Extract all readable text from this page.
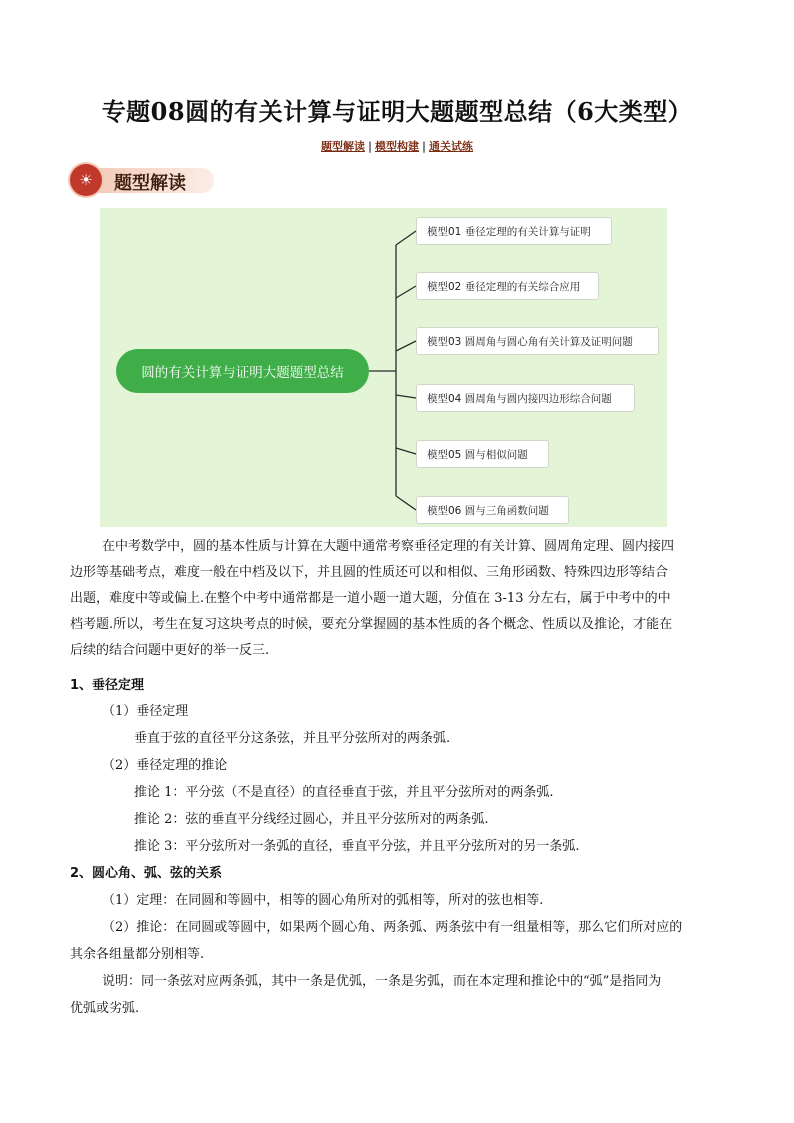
专题08圆的有关计算与证明大题题型总结（6大类型）
题型解读 | 模型构建 | 通关试练
☀	题型解读
圆的有关计算与证明大题题型总结
模型01 垂径定理的有关计算与证明
模型02 垂径定理的有关综合应用
模型03 圆周角与圆心角有关计算及证明问题
模型04 圆周角与圆内接四边形综合问题
模型05 圆与相似问题
模型06 圆与三角函数问题
在中考数学中，圆的基本性质与计算在大题中通常考察垂径定理的有关计算、圆周角定理、圆内接四
边形等基础考点，难度一般在中档及以下，并且圆的性质还可以和相似、三角形函数、特殊四边形等结合
出题，难度中等或偏上.在整个中考中通常都是一道小题一道大题，分值在 3-13 分左右，属于中考中的中
档考题.所以，考生在复习这块考点的时候，要充分掌握圆的基本性质的各个概念、性质以及推论，才能在
后续的结合问题中更好的举一反三.
1、垂径定理
（1）垂径定理
垂直于弦的直径平分这条弦，并且平分弦所对的两条弧.
（2）垂径定理的推论
推论 1：平分弦（不是直径）的直径垂直于弦，并且平分弦所对的两条弧.
推论 2：弦的垂直平分线经过圆心，并且平分弦所对的两条弧.
推论 3：平分弦所对一条弧的直径，垂直平分弦，并且平分弦所对的另一条弧.
2、圆心角、弧、弦的关系
（1）定理：在同圆和等圆中，相等的圆心角所对的弧相等，所对的弦也相等.
（2）推论：在同圆或等圆中，如果两个圆心角、两条弧、两条弦中有一组量相等，那么它们所对应的
其余各组量都分别相等.
说明：同一条弦对应两条弧，其中一条是优弧，一条是劣弧，而在本定理和推论中的“弧”是指同为
优弧或劣弧.
